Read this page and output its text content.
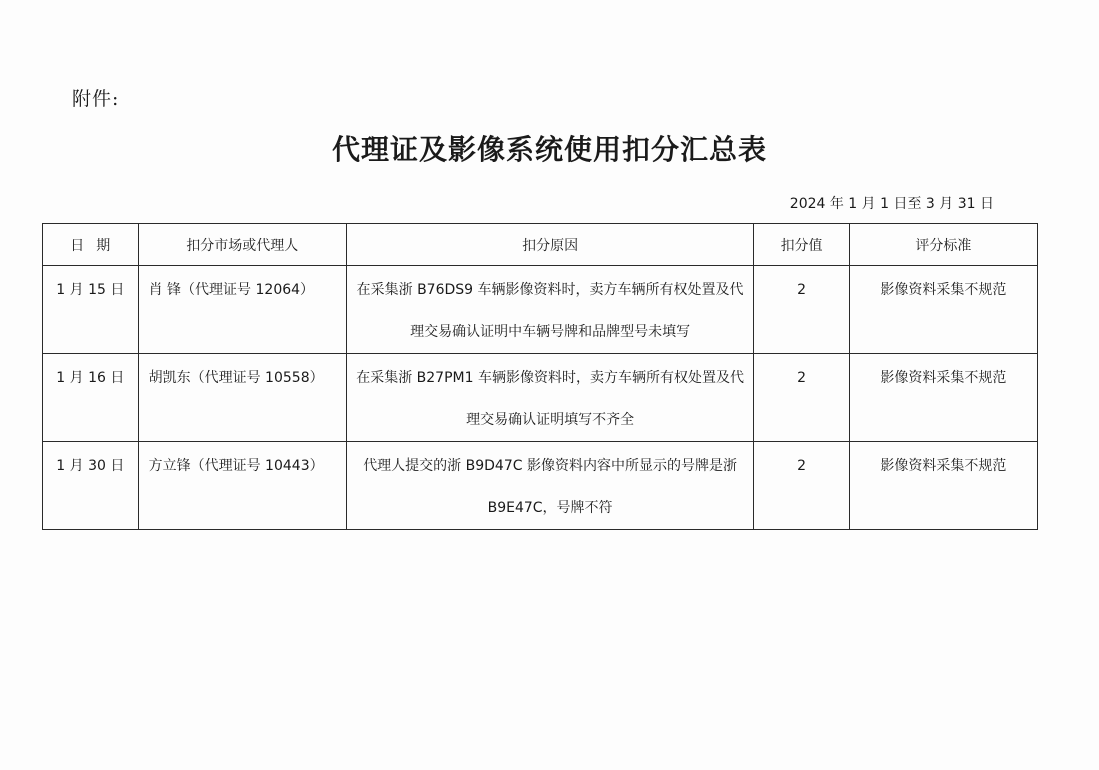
附件:
代理证及影像系统使用扣分汇总表
2024 年 1 月 1 日至 3 月 31 日
日期	扣分市场或代理人	扣分原因	扣分值	评分标准

1 月 15 日	肖 锋（代理证号 12064）	在采集浙 B76DS9 车辆影像资料时，卖方车辆所有权处置及代理交易确认证明中车辆号牌和品牌型号未填写	2	影像资料采集不规范

1 月 16 日	胡凯东（代理证号 10558）	在采集浙 B27PM1 车辆影像资料时，卖方车辆所有权处置及代理交易确认证明填写不齐全	2	影像资料采集不规范

1 月 30 日	方立锋（代理证号 10443）	代理人提交的浙 B9D47C 影像资料内容中所显示的号牌是浙 B9E47C，号牌不符	2	影像资料采集不规范
